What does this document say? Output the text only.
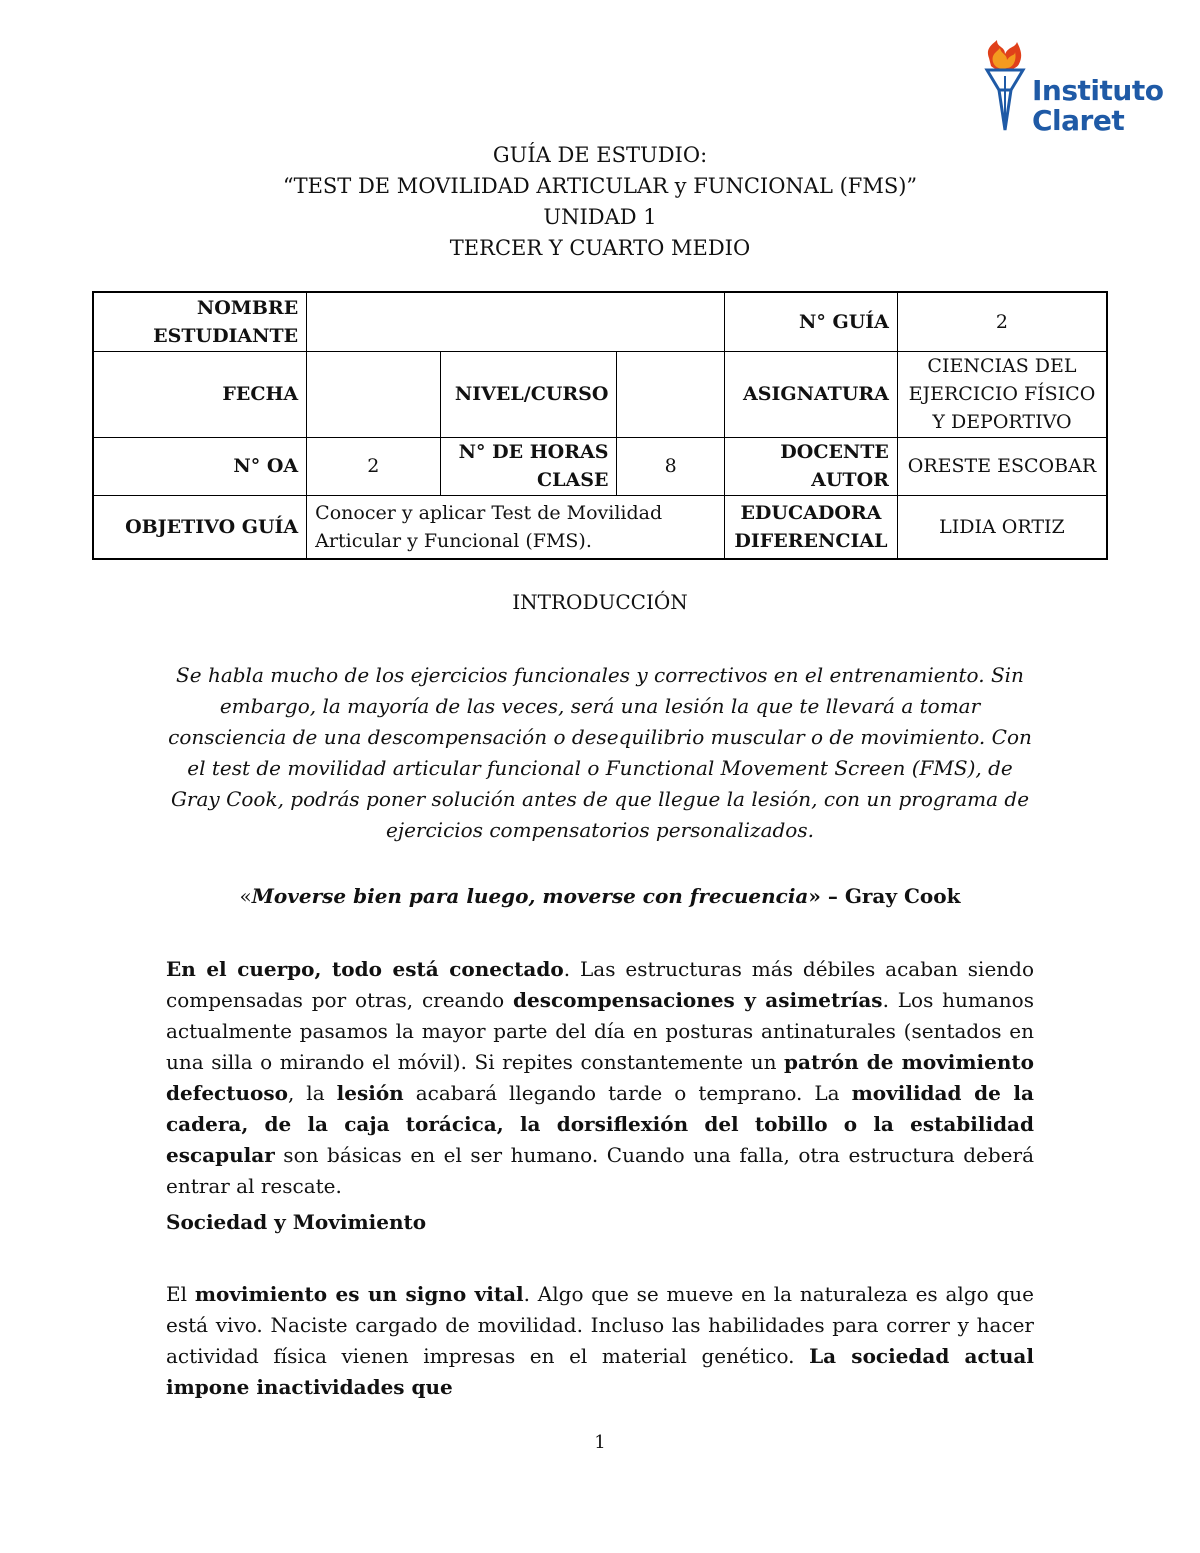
Instituto
Claret
GUÍA DE ESTUDIO:
“TEST DE MOVILIDAD ARTICULAR y FUNCIONAL (FMS)”
UNIDAD 1
TERCER Y CUARTO MEDIO
NOMBRE ESTUDIANTE				N° GUÍA	2
FECHA		NIVEL/CURSO		ASIGNATURA	CIENCIAS DEL EJERCICIO FÍSICO Y DEPORTIVO
N° OA	2	N° DE HORAS CLASE	8	DOCENTE AUTOR	ORESTE ESCOBAR
OBJETIVO GUÍA	Conocer y aplicar Test de Movilidad Articular y Funcional (FMS).			EDUCADORA DIFERENCIAL	LIDIA ORTIZ
INTRODUCCIÓN
Se habla mucho de los ejercicios funcionales y correctivos en el entrenamiento. Sin embargo, la mayoría de las veces, será una lesión la que te llevará a tomar consciencia de una descompensación o desequilibrio muscular o de movimiento. Con el test de movilidad articular funcional o Functional Movement Screen (FMS), de Gray Cook, podrás poner solución antes de que llegue la lesión, con un programa de ejercicios compensatorios personalizados.
«Moverse bien para luego, moverse con frecuencia» – Gray Cook
En el cuerpo, todo está conectado. Las estructuras más débiles acaban siendo compensadas por otras, creando descompensaciones y asimetrías. Los humanos actualmente pasamos la mayor parte del día en posturas antinaturales (sentados en una silla o mirando el móvil). Si repites constantemente un patrón de movimiento defectuoso, la lesión acabará llegando tarde o temprano. La movilidad de la cadera, de la caja torácica, la dorsiflexión del tobillo o la estabilidad escapular son básicas en el ser humano. Cuando una falla, otra estructura deberá entrar al rescate.
Sociedad y Movimiento
El movimiento es un signo vital. Algo que se mueve en la naturaleza es algo que está vivo. Naciste cargado de movilidad. Incluso las habilidades para correr y hacer actividad física vienen impresas en el material genético. La sociedad actual impone inactividades que
1
